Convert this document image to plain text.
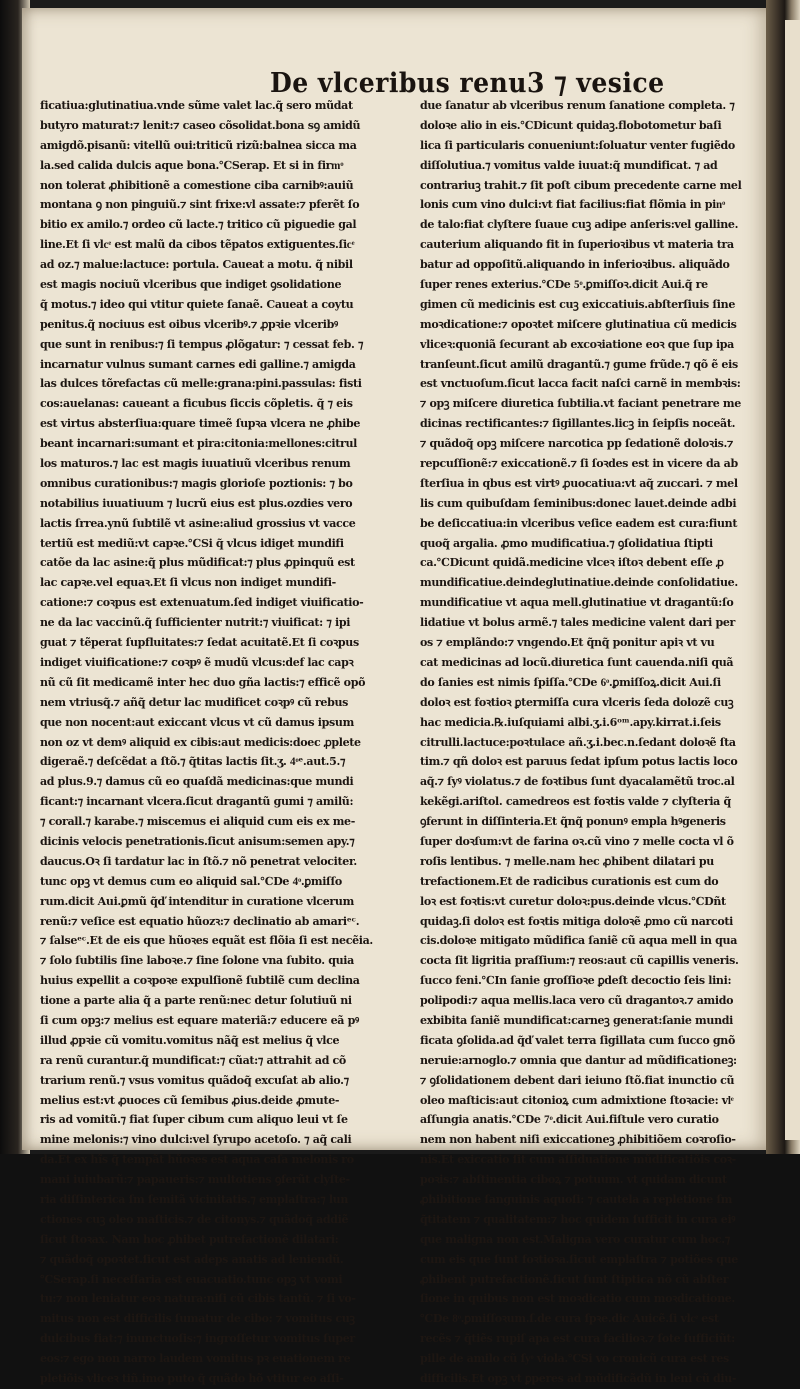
De vlceribus renu3 ⁊ vesice
ficatiua:glutinatiua.vnde sũme valet lac.q̃ sero mũdat
butyro maturat:⁊ lenit:⁊ caseo cõsolidat.bona sꝯ amidũ
amigdõ.pisanũ: vitellũ oui:triticũ rizũ:balnea sicca ma
la.sed calida dulcis aque bona.℃Serap. Et si in firmͦ
non tolerat ꝓhibitionẽ a comestione ciba carnibꝰ:auiũ
montana ꝯ non pinguiũ.⁊ sint frixe:vl assate:⁊ pferẽt ſo
bitio ex amilo.⁊ ordeo cũ lacte.⁊ tritico cũ piguedie gal
line.Et ſi vlcͤ est malũ da cibos tẽpatos extiguentes.ſicͤ
ad oz.⁊ malue:lactuce: portula. Caueat a motu. q̃ nibil
est magis nociuũ vlceribus que indiget ꝯsolidatione
q̃ motus.⁊ ideo qui vtitur quiete ſanaẽ. Caueat a coytu
penitus.q̃ nociuus est oibus vlceribꝰ.⁊ ꝓpꝛie vlceribꝰ
que sunt in renibus:⁊ ſi tempus ꝓlõgatur: ⁊ cessat feb. ⁊
incarnatur vulnus sumant carnes edi galline.⁊ amigda
las dulces tõrefactas cũ melle:grana:pini.passulas: fisti
cos:auelanas: caueant a ficubus ſiccis cõpletis. q̃ ⁊ eis
est virtus absterſiua:quare timeẽ ſupꝛa vlcera ne ꝓhibe
beant incarnari:sumant et pira:citonia:mellones:citrul
los maturos.⁊ lac est magis iuuatiuũ vlceribus renum
omnibus curationibus:⁊ magis glorioſe poztionis: ⁊ bo
notabilius iuuatiuum ⁊ lucrũ eius est plus.ozdies vero
lactis ſrrea.ynũ ſubtilẽ vt asine:aliud grossius vt vacce
tertiũ est mediũ:vt capꝛe.℃Si q̃ vlcus idiget mundifi
catõe da lac asine:q̃ plus mũdificat:⁊ plus ꝓpinquũ est
lac capꝛe.vel equaꝛ.Et ſi vlcus non indiget mundifi-
catione:⁊ coꝛpus est extenuatum.ſed indiget viuificatio-
ne da lac vaccinũ.q̃ ſufficienter nutrit:⁊ viuificat: ⁊ ipi
guat ⁊ tẽperat ſupfluitates:⁊ ſedat acuitatẽ.Et ſi coꝛpus
indiget viuificatione:⁊ coꝛpꝰ ẽ mudũ vlcus:def lac capꝛ
nũ cũ ſit medicamẽ inter hec duo gña lactis:⁊ efficẽ opõ
nem vtriusq̃.⁊ añq̃ detur lac mudificet coꝛpꝰ cũ rebus
que non nocent:aut exiccant vlcus vt cũ damus ipsum
non oz vt demꝰ aliquid ex cibis:aut medicis:doec ꝓplete
digeraẽ.⁊ deſcẽdat a ſtõ.⁊ q̃titas lactis ſit.ʒ. 4ͦᵉ.aut.5.⁊
ad plus.9.⁊ damus cũ eo quaſdã medicinas:que mundi
ficant:⁊ incarnant vlcera.ſicut dragantũ gumi ⁊ amilũ:
⁊ corall.⁊ karabe.⁊ miscemus ei aliquid cum eis ex me-
dicinis velocis penetrationis.ſicut anisum:semen apy.⁊
daucus.Oꝛ ſi tardatur lac in ſtõ.⁊ nõ penetrat velociter.
tunc opꝫ vt demus cum eo aliquid sal.℃De 4ͦ.ꝑmiſſo
rum.dicit Aui.ꝑmũ q̃ď intenditur in curatione vlcerum
renũ:⁊ veſice est equatio hũozꝛ:⁊ declinatio ab amariᵉᶜ.
⁊ ſalseᵉᶜ.Et de eis que hũoꝛes equãt est flõia ſi est necẽia.
⁊ ſolo ſubtilis ſine laboꝛe.⁊ ſine ſolone vna ſubito. quia
huius expellit a coꝛpoꝛe expulſionẽ ſubtilẽ cum declina
tione a parte alia q̃ a parte renũ:nec detur ſolutiuũ ni
ſi cum opꝫ:⁊ melius est equare materiã:⁊ educere eã pꝰ
illud ꝓpꝛie cũ vomitu.vomitus nãq̃ est melius q̃ vlce
ra renũ curantur.q̃ mundificat:⁊ cũat:⁊ attrahit ad cõ
trarium renũ.⁊ vsus vomitus quãdoq̃ excuſat ab alio.⁊
melius est:vt ꝓuoces cũ ſemibus ꝓius.deide ꝓmute-
ris ad vomitũ.⁊ fiat ſuper cibum cum aliquo leui vt ſe
mine melonis:⁊ vino dulci:vel ſyrupo acetoſo. ⁊ aq̃ cali
da.Et ex hĩs q̃ tempãt hũoꝛes est aqua caſa melonis ro
mani iuiubarũ:⁊ papaueris:⁊ multotiens ꝯferũt clyſte-
ria diſſinterica ſm ſemitã vicinitatis.⁊ emplaſtra:⁊ lun
ctiones cuꝫ oleo maſticis.⁊ de citonys.⁊ quãdoq̃ addiẽ
ſicut ſtoꝛax. Nam hoc ꝓhibet putrefactionẽ dilatari:
⁊ quãdoq̃ opoꝛtet.ſicut est adeps anatis ad leniendũ.
℃Serap.ſi neceſſaria est euacuatio.tunc opꝫ vt vomi
tu:⁊ non leniatur eoꝛ natura:niſi cũ cibis tantũ. ⁊ ſi vo-
mitus non est difficilis ſumatur de cibo: ⁊ vomitus cuꝫ
dulcibus fiat:⁊ inunctuoſis:⁊ ingroſſetur vomitus ſuper
eos:⁊ ego non narro laudem vomitus pꝛ euationem re
pletiõis vliceꝛ tiñ.imo puto q̃ quãdo hõ vtitur eo aſſi-
due ſanatur ab vlceribus renum ſanatione completa. ⁊
doloꝛe alio in eis.℃Dicunt quidaꝫ.flobotometur baſi
lica ſi particularis conueniunt:ſoluatur venter fugiẽdo
diſſolutiua.⁊ vomitus valde iuuat:q̃ mundificat. ⁊ ad
contrariuꝫ trahit.⁊ ſit poſt cibum precedente carne mel
lonis cum vino dulci:vt fiat facilius:fiat flõmia in pinͦ
de talo:fiat clyſtere ſuaue cuꝫ adipe anſeris:vel galline.
cauterium aliquando fit in ſuperioꝛibus vt materia tra
batur ad oppoſitũ.aliquando in inferioꝛibus. aliquãdo
ſuper renes exterius.℃De 5ͦ.ꝑmiſſoꝛ.dicit Aui.q̃ re
gimen cũ medicinis est cuꝫ exiccatiuis.abſterſiuis ſine
moꝛdicatione:⁊ opoꝛtet miſcere glutinatiua cũ medicis
vliceꝛ:quoniã ſecurant ab excoꝛiatione eoꝛ que ſup ipa
tranſeunt.ſicut amilũ dragantũ.⁊ gume frũde.⁊ qõ ẽ eis
est vnctuoſum.ſicut lacca facit naſci carnẽ in membꝛis:
⁊ opꝫ miſcere diuretica ſubtilia.vt faciant penetrare me
dicinas rectificantes:⁊ ſigillantes.licꝫ in ſeipſis noceãt.
⁊ quãdoq̃ opꝫ miſcere narcotica pp ſedationẽ doloꝛis.⁊
repcuſſionẽ:⁊ exiccationẽ.⁊ ſi ſoꝛdes est in vicere da ab
ſterſiua in qbus est virtꝰ ꝓuocatiua:vt aq̃ zuccari. ⁊ mel
lis cum quibuſdam ſeminibus:donec lauet.deinde adbi
be deſiccatiua:in vlceribus veſice eadem est cura:fiunt
quoq̃ argalia. ꝓmo mudificatiua.⁊ ꝯſolidatiua ſtipti
ca.℃Dicunt quidã.medicine vlceꝛ iſtoꝛ debent eſſe ꝓ
mundificatiue.deindeglutinatiue.deinde conſolidatiue.
mundificatiue vt aqua mell.glutinatiue vt dragantũ:ſo
lidatiue vt bolus armẽ.⁊ tales medicine valent dari per
os ⁊ emplãndo:⁊ vngendo.Et q̃nq̃ ponitur apiꝛ vt vu
cat medicinas ad locũ.diuretica ſunt cauenda.niſi quã
do ſanies est nimis ſpiſſa.℃De 6ͦ.ꝑmiſſoꝝ.dicit Aui.ſi
doloꝛ est foꝛtioꝛ ꝑtermiſſa cura vlceris ſeda dolozẽ cuꝫ
hac medicia.℞.iuſquiami albi.ʒ.i.6ᵒᵐ.apy.kirrat.i.ſeis
citrulli.lactuce:poꝛtulace añ.ʒ.i.bec.n.ſedant doloꝛẽ ſta
tim.⁊ qñ doloꝛ est paruus ſedat ipſum potus lactis loco
aq̃.⁊ ſyꝰ violatus.⁊ de foꝛtibus ſunt dyacalamẽtũ troc.al
kekẽgi.ariſtol. camedreos est foꝛtis valde ⁊ clyſteria q̃
ꝯferunt in diſſinteria.Et q̃nq̃ ponunꝰ empla hꝰgeneris
ſuper doꝛſum:vt de farina oꝛ.cũ vino ⁊ melle cocta vl õ
roſis lentibus. ⁊ melle.nam hec ꝓhibent dilatari pu
trefactionem.Et de radicibus curationis est cum do
loꝛ est foꝛtis:vt curetur doloꝛ:pus.deinde vlcus.℃Dñt
quidaꝫ.ſi doloꝛ est foꝛtis mitiga doloꝛẽ ꝓmo cũ narcoti
cis.doloꝛe mitigato mũdifica ſaniẽ cũ aqua mell in qua
cocta ſit ligritia praſſium:⁊ reos:aut cũ capillis veneris.
ſucco feni.℃In ſanie groſſioꝛe ꝑdeſt decoctio ſeis lini:
polipodi:⁊ aqua mellis.laca vero cũ dragantoꝛ.⁊ amido
exbibita ſaniẽ mundificat:carneꝫ generat:ſanie mundi
ficata ꝯſolida.ad q̃ď valet terra ſigillata cum ſucco gnõ
neruie:arnoglo.⁊ omnia que dantur ad mũdificationeꝫ:
⁊ ꝯſolidationem debent dari ieiuno ſtõ.fiat inunctio cũ
oleo maſticis:aut citonioꝝ cum admixtione ſtoꝛacie: vlͤ
aſſungia anatis.℃De 7ͦ.dicit Aui.fiſtule vero curatio
nem non habent niſi exiccationeꝫ ꝓhibitiõem coꝛroſio-
nis.Et exiccatio ſit cum aſſiduatione mũdificatiõis coꝛ-
poꝛis:⁊ abſtinentia ciboꝝ ⁊ potuum. vt quidam dicunt
ꝓhibitione ſanguinis aquoſi: ⁊ cautela a repletione ſm
q̃titatem ⁊ qualitatem:⁊ hoc quidem ſufficit in cura eiꝰ
que maligna non est.Maligna vero curatur cum hoc.⁊
cum eis que ſunt foꝛtioꝛa.ſicut emplaſtra ⁊ potiões que
ꝓhibent putrefactionẽ.ſicut ſunt ſtiptica nõ cũ abſter
ſione in quibus non est moꝛdicatio cum moꝛdicatione.
℃De 8ͦ.ꝑmiſſoꝛum.ſ.de cura ſpꝛe.dic Auicẽ.ſi vlcͤ est
recẽs ⁊ q̃tiẽs rupiſ apa est cura facilioꝛ.⁊ ſote ſufficiũt:
pille de amilo cũ ſyͦ viola.℃Si vo cronicũ cura est res
difficilis.Et opꝫ vt ꝑperes ad mũdificãdũ in leni cũ diu-
